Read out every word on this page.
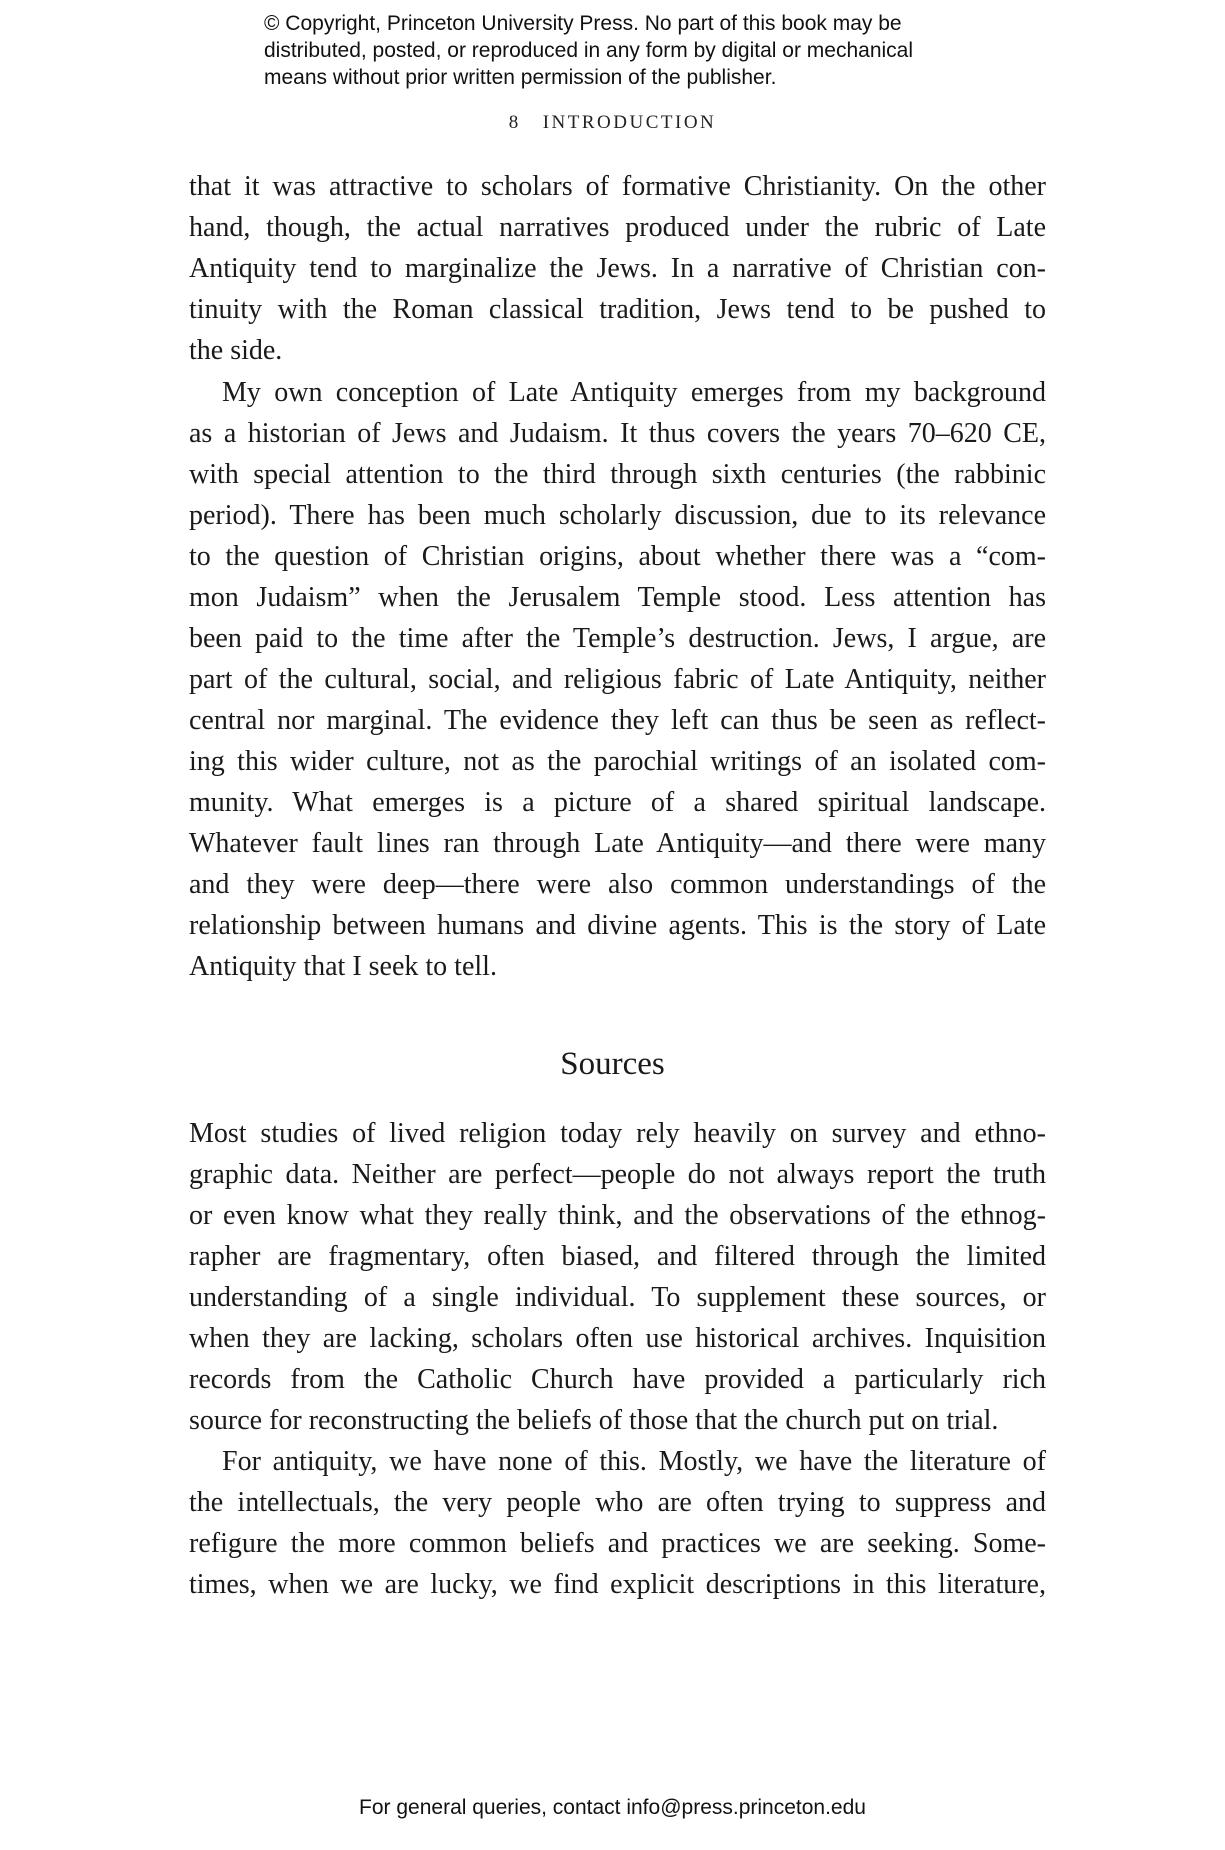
© Copyright, Princeton University Press. No part of this book may be
distributed, posted, or reproduced in any form by digital or mechanical
means without prior written permission of the publisher.
8 INTRODUCTION
that it was attractive to scholars of formative Christianity. On the other
hand, though, the actual narratives produced under the rubric of Late
Antiquity tend to marginalize the Jews. In a narrative of Christian con-
tinuity with the Roman classical tradition, Jews tend to be pushed to
the side.
My own conception of Late Antiquity emerges from my background
as a historian of Jews and Judaism. It thus covers the years 70–620 CE,
with special attention to the third through sixth centuries (the rabbinic
period). There has been much scholarly discussion, due to its relevance
to the question of Christian origins, about whether there was a “com-
mon Judaism” when the Jerusalem Temple stood. Less attention has
been paid to the time after the Temple’s destruction. Jews, I argue, are
part of the cultural, social, and religious fabric of Late Antiquity, neither
central nor marginal. The evidence they left can thus be seen as reflect-
ing this wider culture, not as the parochial writings of an isolated com-
munity. What emerges is a picture of a shared spiritual landscape.
Whatever fault lines ran through Late Antiquity—and there were many
and they were deep—there were also common understandings of the
relationship between humans and divine agents. This is the story of Late
Antiquity that I seek to tell.
Sources
Most studies of lived religion today rely heavily on survey and ethno-
graphic data. Neither are perfect—people do not always report the truth
or even know what they really think, and the observations of the ethnog-
rapher are fragmentary, often biased, and filtered through the limited
understanding of a single individual. To supplement these sources, or
when they are lacking, scholars often use historical archives. Inquisition
records from the Catholic Church have provided a particularly rich
source for reconstructing the beliefs of those that the church put on trial.
For antiquity, we have none of this. Mostly, we have the literature of
the intellectuals, the very people who are often trying to suppress and
refigure the more common beliefs and practices we are seeking. Some-
times, when we are lucky, we find explicit descriptions in this literature,
For general queries, contact info@press.princeton.edu
